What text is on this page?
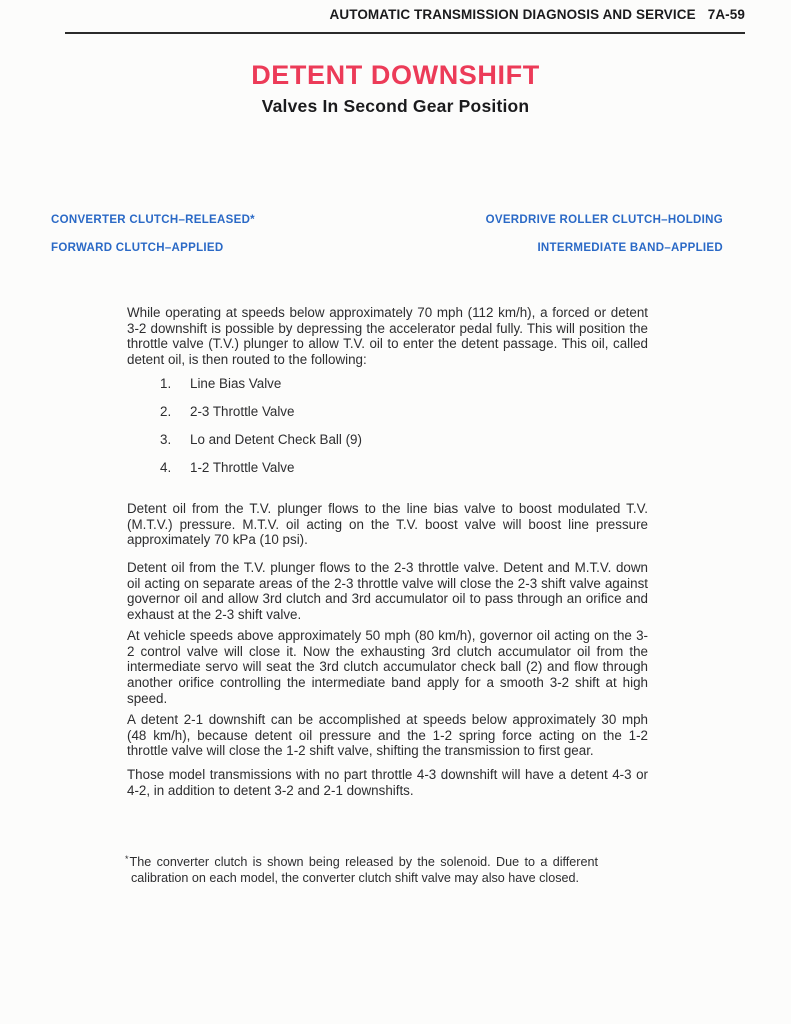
AUTOMATIC TRANSMISSION DIAGNOSIS AND SERVICE 7A-59
DETENT DOWNSHIFT
Valves In Second Gear Position
CONVERTER CLUTCH–RELEASED*
FORWARD CLUTCH–APPLIED
OVERDRIVE ROLLER CLUTCH–HOLDING
INTERMEDIATE BAND–APPLIED

While operating at speeds below approximately 70 mph (112 km/h), a forced or detent 3-2 downshift is possible by depressing the accelerator pedal fully. This will position the throttle valve (T.V.) plunger to allow T.V. oil to enter the detent passage. This oil, called detent oil, is then routed to the following:

1. Line Bias Valve
2. 2-3 Throttle Valve
3. Lo and Detent Check Ball (9)
4. 1-2 Throttle Valve

Detent oil from the T.V. plunger flows to the line bias valve to boost modulated T.V. (M.T.V.) pressure. M.T.V. oil acting on the T.V. boost valve will boost line pressure approximately 70 kPa (10 psi).

Detent oil from the T.V. plunger flows to the 2-3 throttle valve. Detent and M.T.V. down oil acting on separate areas of the 2-3 throttle valve will close the 2-3 shift valve against governor oil and allow 3rd clutch and 3rd accumulator oil to pass through an orifice and exhaust at the 2-3 shift valve.

At vehicle speeds above approximately 50 mph (80 km/h), governor oil acting on the 3-2 control valve will close it. Now the exhausting 3rd clutch accumulator oil from the intermediate servo will seat the 3rd clutch accumulator check ball (2) and flow through another orifice controlling the intermediate band apply for a smooth 3-2 shift at high speed.

A detent 2-1 downshift can be accomplished at speeds below approximately 30 mph (48 km/h), because detent oil pressure and the 1-2 spring force acting on the 1-2 throttle valve will close the 1-2 shift valve, shifting the transmission to first gear.

Those model transmissions with no part throttle 4-3 downshift will have a detent 4-3 or 4-2, in addition to detent 3-2 and 2-1 downshifts.

*The converter clutch is shown being released by the solenoid. Due to a different calibration on each model, the converter clutch shift valve may also have closed.
